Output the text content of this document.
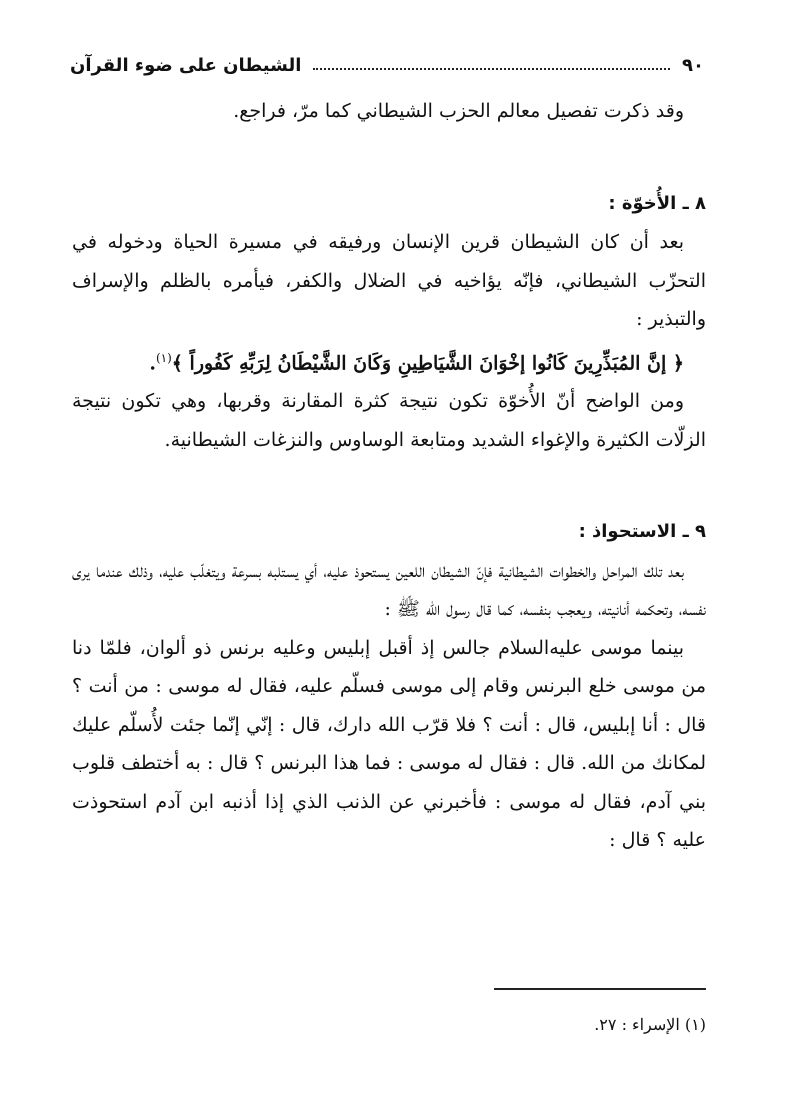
٩٠
الشيطان على ضوء القرآن

وقد ذكرت تفصيل معالم الحزب الشيطاني كما مرّ، فراجع.

٨ ـ الأُخوّة :

بعد أن كان الشيطان قرين الإنسان ورفيقه في مسيرة الحياة ودخوله في التحزّب الشيطاني، فإنّه يؤاخيه في الضلال والكفر، فيأمره بالظلم والإسراف والتبذير :

﴿ إنَّ المُبَذِّرِينَ كَانُوا إخْوَانَ الشَّيَاطِينِ وَكَانَ الشَّيْطَانُ لِرَبِّهِ كَفُوراً ﴾$^{(١)}$.

ومن الواضح أنّ الأُخوّة تكون نتيجة كثرة المقارنة وقربها، وهي تكون نتيجة الزلّات الكثيرة والإغواء الشديد ومتابعة الوساوس والنزغات الشيطانية.

٩ ـ الاستحواذ :

بعد تلك المراحل والخطوات الشيطانية فإنّ الشيطان اللعين يستحوذ عليه، أي يستلبه بسرعة ويتغلّب عليه، وذلك عندما يرى نفسه، وتحكمه أنانيته، ويعجب بنفسه، كما قال رسول الله ﷺ :

بينما موسى عليه‌السلام جالس إذ أقبل إبليس وعليه برنس ذو ألوان، فلمّا دنا من موسى خلع البرنس وقام إلى موسى فسلّم عليه، فقال له موسى : من أنت ؟ قال : أنا إبليس، قال : أنت ؟ فلا قرّب الله دارك، قال : إنّي إنّما جئت لأُسلّم عليك لمكانك من الله. قال : فقال له موسى : فما هذا البرنس ؟ قال : به أختطف قلوب بني آدم، فقال له موسى : فأخبرني عن الذنب الذي إذا أذنبه ابن آدم استحوذت عليه ؟ قال :

(١) الإسراء : ٢٧.
